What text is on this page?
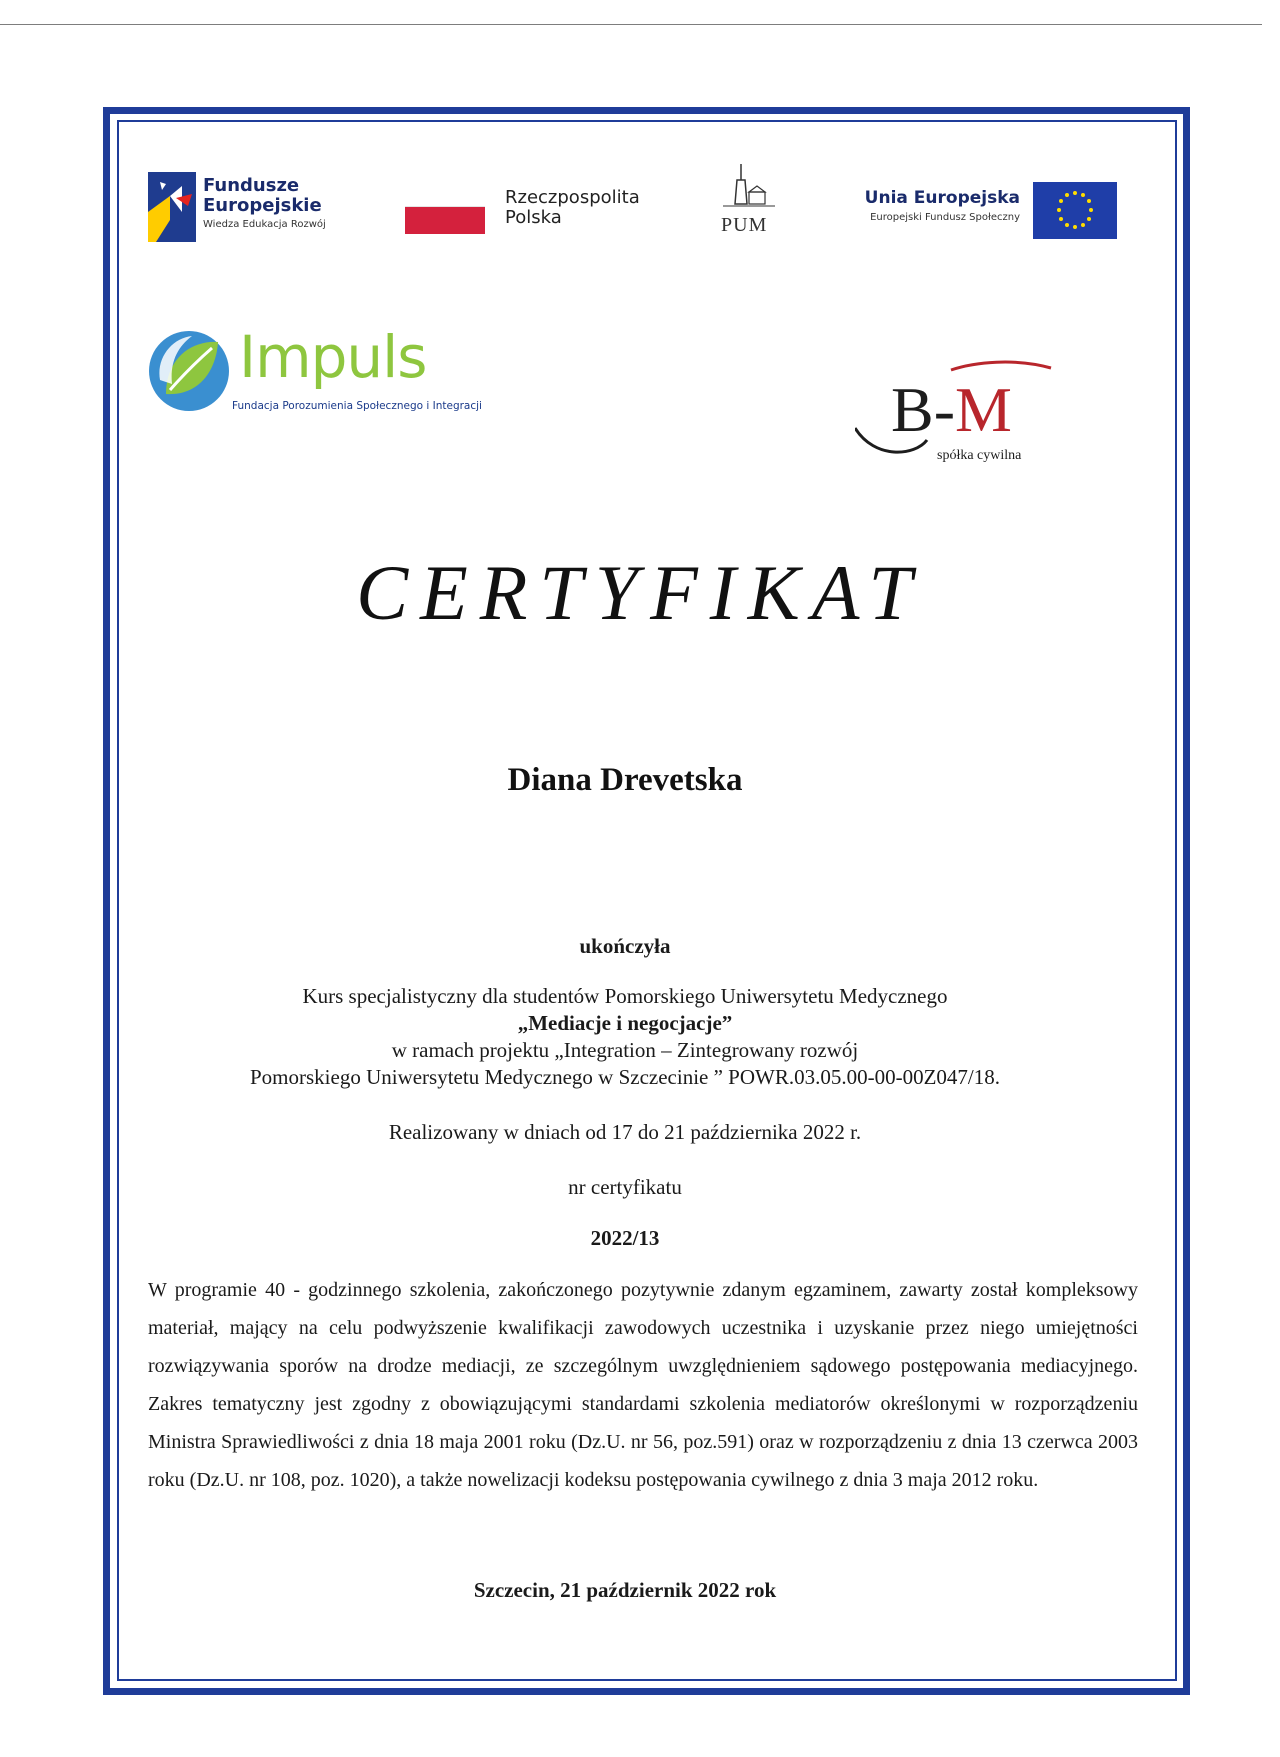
Fundusze
Europejskie
Wiedza Edukacja Rozwój
Rzeczpospolita
Polska	PUM
Unia Europejska
Europejski Fundusz Społeczny
Impuls
Fundacja Porozumienia Społecznego i Integracji	B-M
spółka cywilna
CERTYFIKAT
Diana Drevetska
ukończyła
Kurs specjalistyczny dla studentów Pomorskiego Uniwersytetu Medycznego
„Mediacje i negocjacje”
w ramach projektu „Integration – Zintegrowany rozwój
Pomorskiego Uniwersytetu Medycznego w Szczecinie ” POWR.03.05.00-00-00Z047/18.
Realizowany w dniach od 17 do 21 października 2022 r.
nr certyfikatu
2022/13
W programie 40 - godzinnego szkolenia, zakończonego pozytywnie zdanym egzaminem, zawarty został kompleksowy materiał, mający na celu podwyższenie kwalifikacji zawodowych uczestnika i uzyskanie przez niego umiejętności rozwiązywania sporów na drodze mediacji, ze szczególnym uwzględnieniem sądowego postępowania mediacyjnego. Zakres tematyczny jest zgodny z obowiązującymi standardami szkolenia mediatorów określonymi w rozporządzeniu Ministra Sprawiedliwości z dnia 18 maja 2001 roku (Dz.U. nr 56, poz.591) oraz w rozporządzeniu z dnia 13 czerwca 2003 roku (Dz.U. nr 108, poz. 1020), a także nowelizacji kodeksu postępowania cywilnego z dnia 3 maja 2012 roku.
Szczecin, 21 październik 2022 rok
